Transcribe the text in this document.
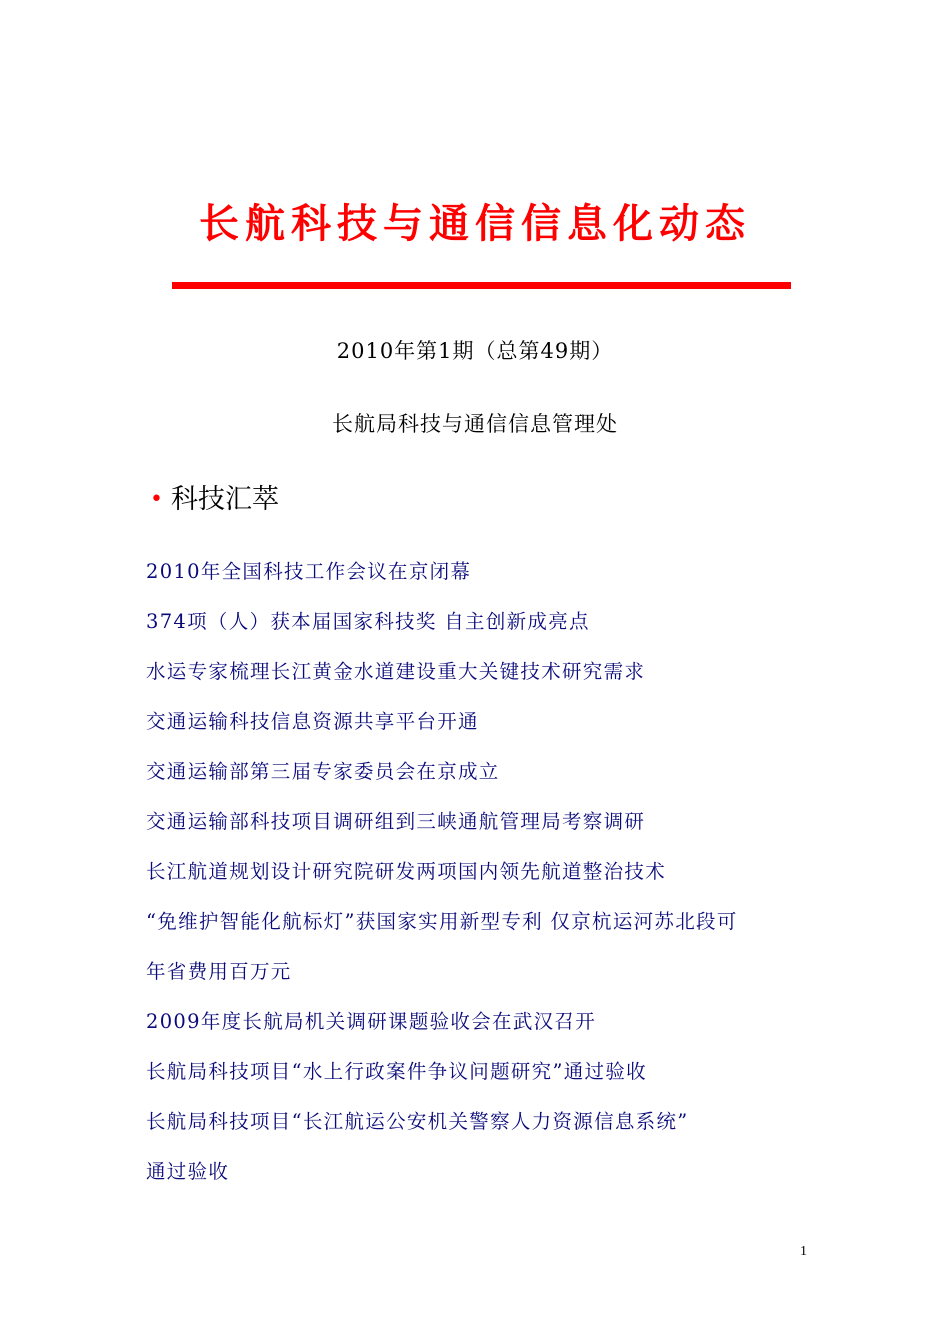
长航科技与通信信息化动态
2010年第1期（总第49期）
长航局科技与通信信息管理处
• 科技汇萃
2010年全国科技工作会议在京闭幕
374项（人）获本届国家科技奖 自主创新成亮点
水运专家梳理长江黄金水道建设重大关键技术研究需求
交通运输科技信息资源共享平台开通
交通运输部第三届专家委员会在京成立
交通运输部科技项目调研组到三峡通航管理局考察调研
长江航道规划设计研究院研发两项国内领先航道整治技术
“免维护智能化航标灯”获国家实用新型专利 仅京杭运河苏北段可
年省费用百万元
2009年度长航局机关调研课题验收会在武汉召开
长航局科技项目“水上行政案件争议问题研究”通过验收
长航局科技项目“长江航运公安机关警察人力资源信息系统”
通过验收
1
